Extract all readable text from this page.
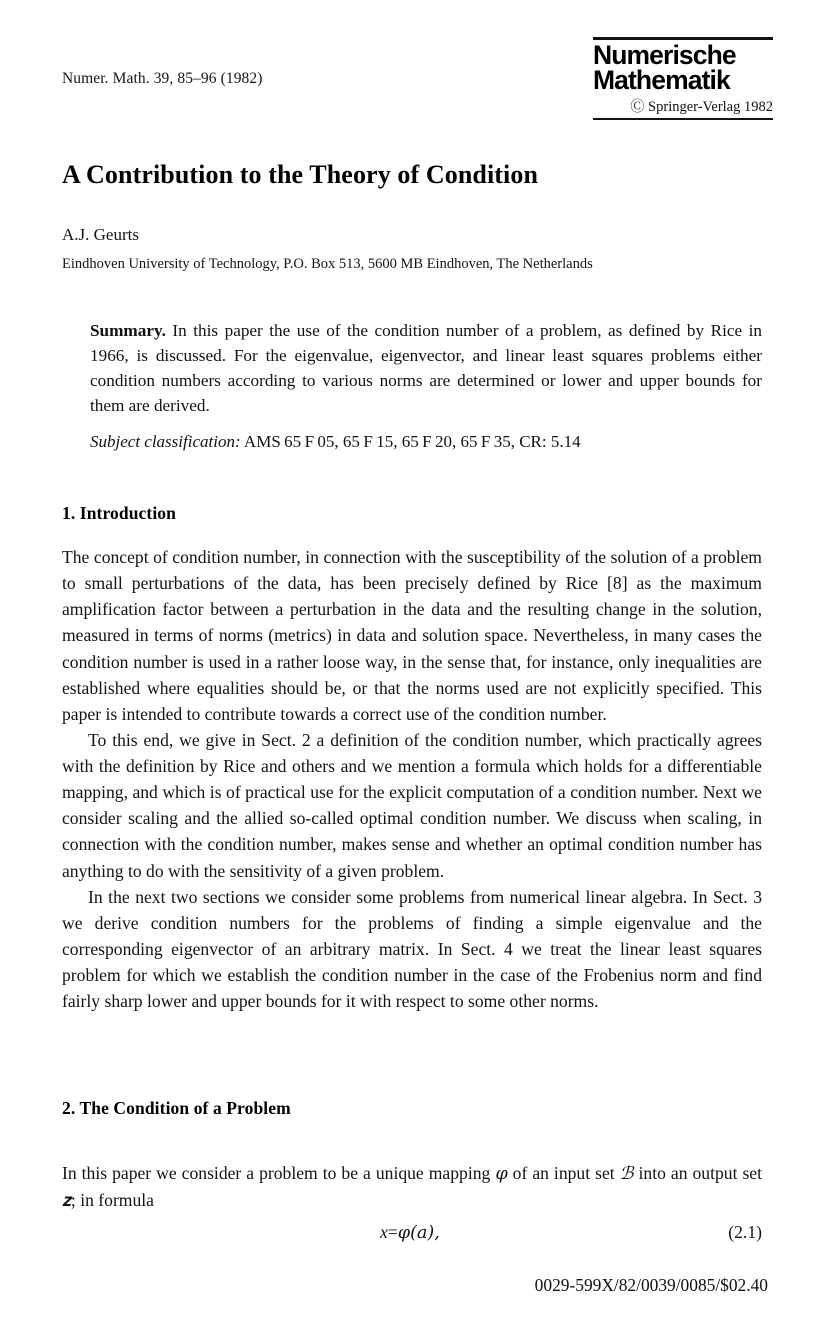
Numer. Math. 39, 85–96 (1982)
Numerische
Mathematik
Ⓒ Springer-Verlag 1982
A Contribution to the Theory of Condition
A.J. Geurts
Eindhoven University of Technology, P.O. Box 513, 5600 MB Eindhoven, The Netherlands
Summary. In this paper the use of the condition number of a problem, as defined by Rice in 1966, is discussed. For the eigenvalue, eigenvector, and linear least squares problems either condition numbers according to various norms are determined or lower and upper bounds for them are derived.
Subject classification: AMS 65 F 05, 65 F 15, 65 F 20, 65 F 35, CR: 5.14
1. Introduction

The concept of condition number, in connection with the susceptibility of the solution of a problem to small perturbations of the data, has been precisely defined by Rice [8] as the maximum amplification factor between a perturbation in the data and the resulting change in the solution, measured in terms of norms (metrics) in data and solution space. Nevertheless, in many cases the condition number is used in a rather loose way, in the sense that, for instance, only inequalities are established where equalities should be, or that the norms used are not explicitly specified. This paper is intended to contribute towards a correct use of the condition number.

To this end, we give in Sect. 2 a definition of the condition number, which practically agrees with the definition by Rice and others and we mention a formula which holds for a differentiable mapping, and which is of practical use for the explicit computation of a condition number. Next we consider scaling and the allied so-called optimal condition number. We discuss when scaling, in connection with the condition number, makes sense and whether an optimal condition number has anything to do with the sensitivity of a given problem.

In the next two sections we consider some problems from numerical linear algebra. In Sect. 3 we derive condition numbers for the problems of finding a simple eigenvalue and the corresponding eigenvector of an arbitrary matrix. In Sect. 4 we treat the linear least squares problem for which we establish the condition number in the case of the Frobenius norm and find fairly sharp lower and upper bounds for it with respect to some other norms.

2. The Condition of a Problem

In this paper we consider a problem to be a unique mapping φ of an input set ℬ into an output set 𝐳; in formula

x=φ(a),	(2.1)
0029-599X/82/0039/0085/$02.40
